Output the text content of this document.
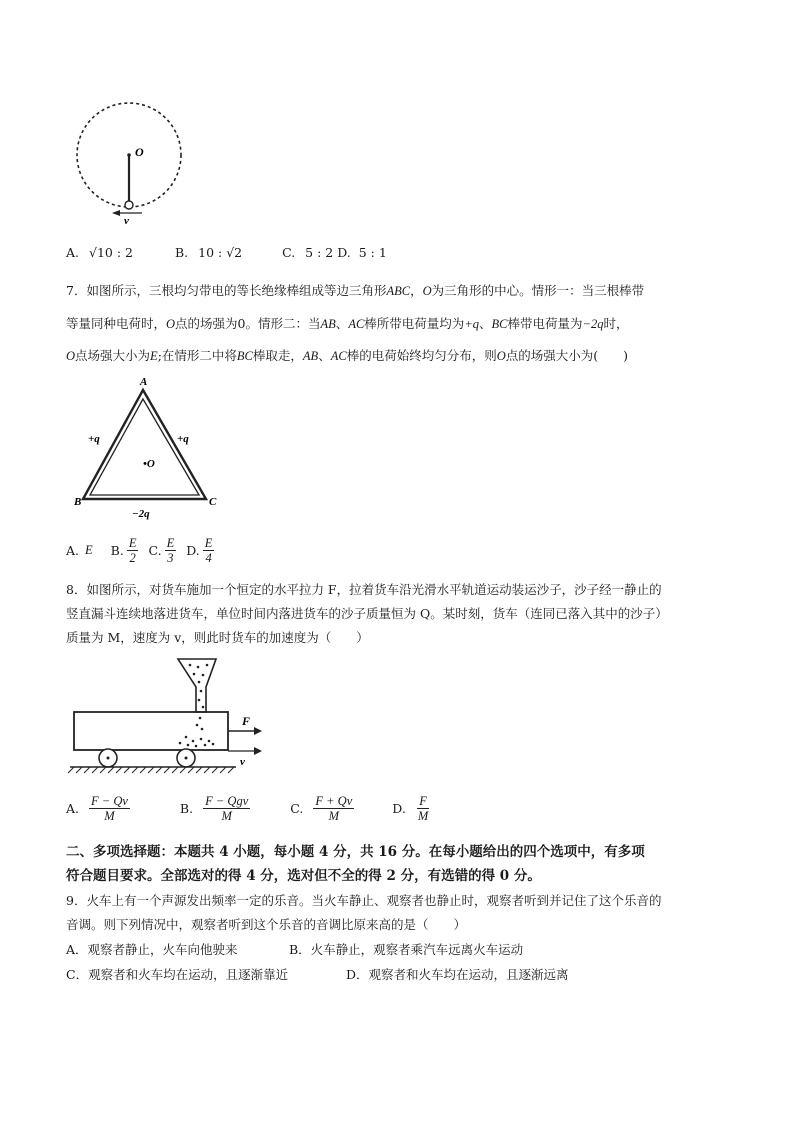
O
v
A. √10 : 2	B. 10 : √2	C. 5 : 2 D. 5 : 1
7．如图所示，三根均匀带电的等长绝缘棒组成等边三角形ABC，O为三角形的中心。情形一：当三根棒带
等量同种电荷时，O点的场强为0。情形二：当AB、AC棒所带电荷量均为+q、BC棒带电荷量为−2q时，
O点场强大小为E;在情形二中将BC棒取走，AB、AC棒的电荷始终均匀分布，则O点的场强大小为(　　)
A
B	C
•O
+q	+q
−2q
A. E B. $\frac{E}{2} C$. $\frac{E}{3} D$. $\frac{E}{4}$
8．如图所示，对货车施加一个恒定的水平拉力 F，拉着货车沿光滑水平轨道运动装运沙子，沙子经一静止的
竖直漏斗连续地落进货车，单位时间内落进货车的沙子质量恒为 Q。某时刻，货车（连同已落入其中的沙子）
质量为 M，速度为 v，则此时货车的加速度为（　　）
F
v
A. $\frac{F - Qv}{M}$	B. $\frac{\text{F − Qgv}}{M}$	C. $\frac{F + Qv}{M}$	D. $\frac{F}{M}$
二、多项选择题：本题共 4 小题，每小题 4 分，共 16 分。在每小题给出的四个选项中，有多项
符合题目要求。全部选对的得 4 分，选对但不全的得 2 分，有选错的得 0 分。
9．火车上有一个声源发出频率一定的乐音。当火车静止、观察者也静止时，观察者听到并记住了这个乐音的
音调。则下列情况中，观察者听到这个乐音的音调比原来高的是（　　）
A．观察者静止，火车向他驶来	B．火车静止，观察者乘汽车远离火车运动
C．观察者和火车均在运动，且逐渐靠近	D．观察者和火车均在运动，且逐渐远离
